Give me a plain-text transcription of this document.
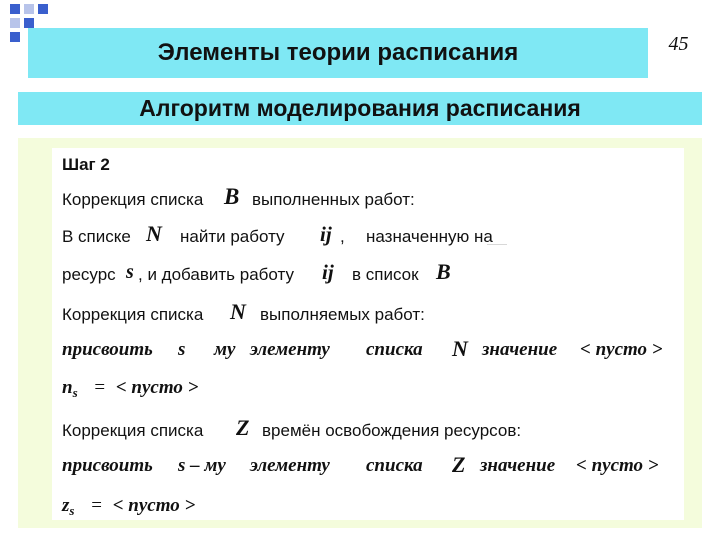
Элементы теории расписания	45
Алгоритм моделирования расписания
Шаг 2
Коррекция списка B выполненных работ:
В списке N найти работу ij , назначенную на
————
ресурс s , и добавить работу ij в список B
Коррекция списка N выполняемых работ:
присвоить s му элементу списка N значение < пусто >
$n_s$ = < пусто >
Коррекция списка Z времён освобождения ресурсов:
присвоить s – му элементу списка Z значение < пусто >
$z_s$ = < пусто >
